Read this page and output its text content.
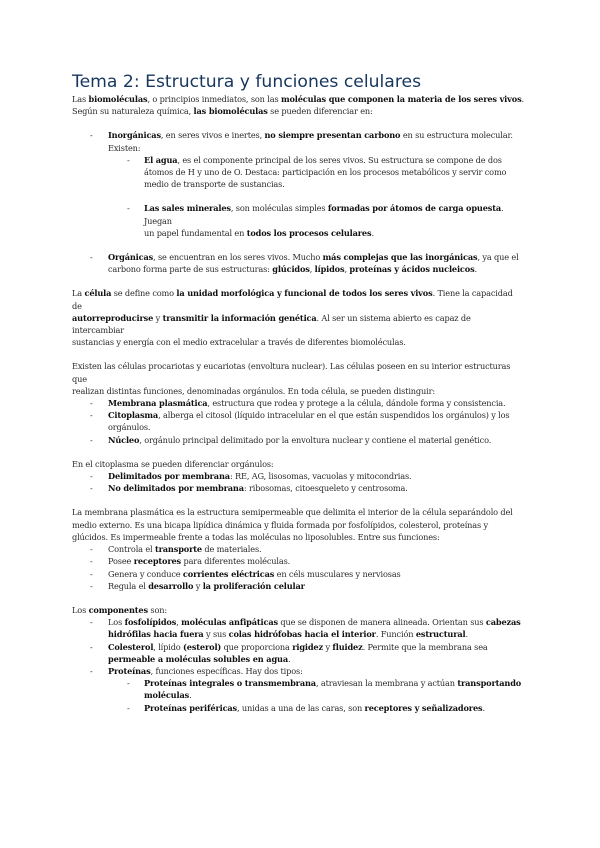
Tema 2: Estructura y funciones celulares

Las biomoléculas, o principios inmediatos, son las moléculas que componen la materia de los seres vivos.
Según su naturaleza química, las biomoléculas se pueden diferenciar en:

- Inorgánicas, en seres vivos e inertes, no siempre presentan carbono en su estructura molecular.
Existen:
- El agua, es el componente principal de los seres vivos. Su estructura se compone de dos
átomos de H y uno de O. Destaca: participación en los procesos metabólicos y servir como
medio de transporte de sustancias.
- Las sales minerales, son moléculas simples formadas por átomos de carga opuesta. Juegan
un papel fundamental en todos los procesos celulares.
- Orgánicas, se encuentran en los seres vivos. Mucho más complejas que las inorgánicas, ya que el
carbono forma parte de sus estructuras: glúcidos, lípidos, proteínas y ácidos nucleicos.

La célula se define como la unidad morfológica y funcional de todos los seres vivos. Tiene la capacidad de
autorreproducirse y transmitir la información genética. Al ser un sistema abierto es capaz de intercambiar
sustancias y energía con el medio extracelular a través de diferentes biomoléculas.

Existen las células procariotas y eucariotas (envoltura nuclear). Las células poseen en su interior estructuras que
realizan distintas funciones, denominadas orgánulos. En toda célula, se pueden distinguir:

- Membrana plasmática, estructura que rodea y protege a la célula, dándole forma y consistencia.
- Citoplasma, alberga el citosol (líquido intracelular en el que están suspendidos los orgánulos) y los
orgánulos.
- Núcleo, orgánulo principal delimitado por la envoltura nuclear y contiene el material genético.

En el citoplasma se pueden diferenciar orgánulos:

- Delimitados por membrana: RE, AG, lisosomas, vacuolas y mitocondrias.
- No delimitados por membrana: ribosomas, citoesqueleto y centrosoma.

La membrana plasmática es la estructura semipermeable que delimita el interior de la célula separándolo del
medio externo. Es una bicapa lipídica dinámica y fluida formada por fosfolípidos, colesterol, proteínas y
glúcidos. Es impermeable frente a todas las moléculas no liposolubles. Entre sus funciones:

- Controla el transporte de materiales.
- Posee receptores para diferentes moléculas.
- Genera y conduce corrientes eléctricas en céls musculares y nerviosas
- Regula el desarrollo y la proliferación celular

Los componentes son:

- Los fosfolípidos, moléculas anfipáticas que se disponen de manera alineada. Orientan sus cabezas
hidrófilas hacia fuera y sus colas hidrófobas hacia el interior. Función estructural.
- Colesterol, lípido (esterol) que proporciona rigidez y fluidez. Permite que la membrana sea
permeable a moléculas solubles en agua.
- Proteínas, funciones específicas. Hay dos tipos:
- Proteínas integrales o transmembrana, atraviesan la membrana y actúan transportando
moléculas.
- Proteínas periféricas, unidas a una de las caras, son receptores y señalizadores.
